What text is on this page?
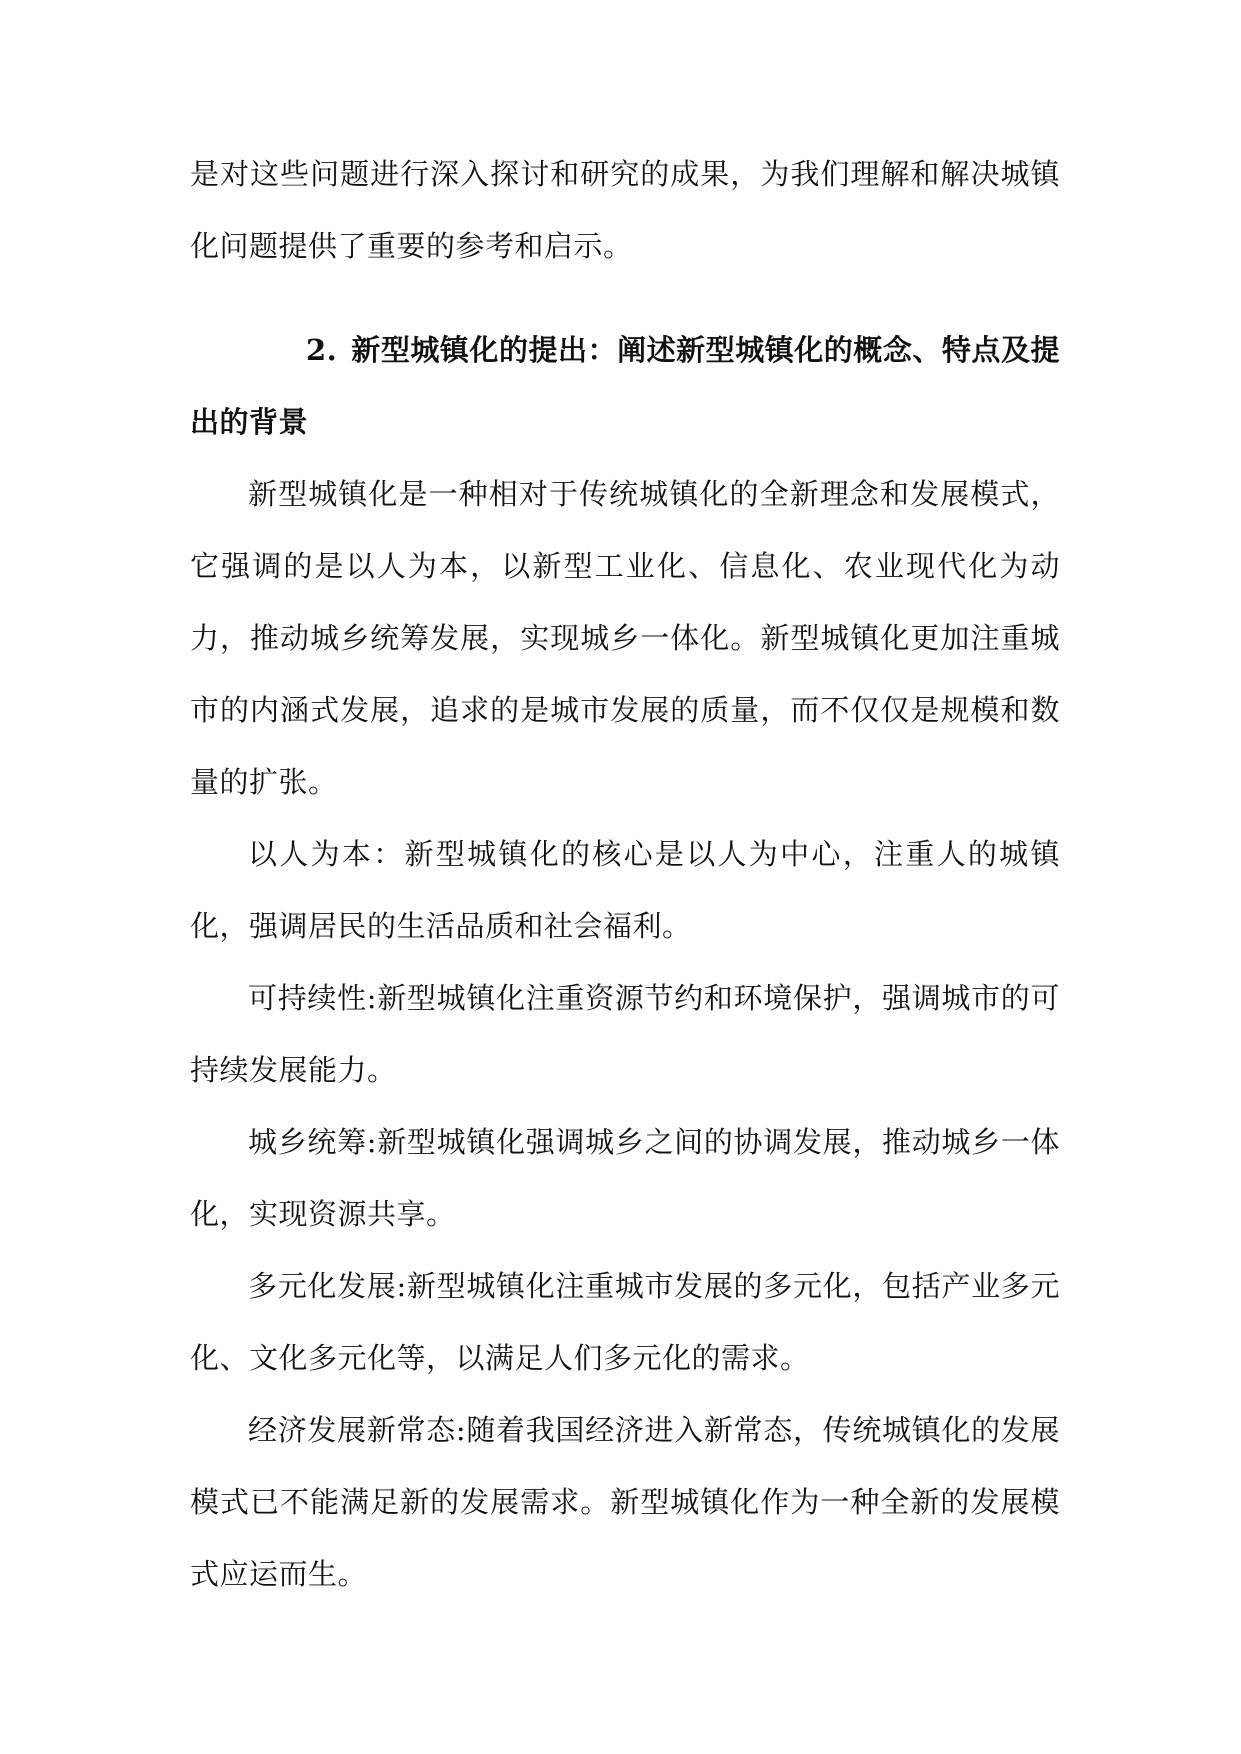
是对这些问题进行深入探讨和研究的成果，为我们理解和解决城镇化问题提供了重要的参考和启示。

2. 新型城镇化的提出：阐述新型城镇化的概念、特点及提出的背景

新型城镇化是一种相对于传统城镇化的全新理念和发展模式，它强调的是以人为本，以新型工业化、信息化、农业现代化为动力，推动城乡统筹发展，实现城乡一体化。新型城镇化更加注重城市的内涵式发展，追求的是城市发展的质量，而不仅仅是规模和数量的扩张。

以人为本：新型城镇化的核心是以人为中心，注重人的城镇化，强调居民的生活品质和社会福利。

可持续性:新型城镇化注重资源节约和环境保护，强调城市的可持续发展能力。

城乡统筹:新型城镇化强调城乡之间的协调发展，推动城乡一体化，实现资源共享。

多元化发展:新型城镇化注重城市发展的多元化，包括产业多元化、文化多元化等，以满足人们多元化的需求。

经济发展新常态:随着我国经济进入新常态，传统城镇化的发展模式已不能满足新的发展需求。新型城镇化作为一种全新的发展模式应运而生。
